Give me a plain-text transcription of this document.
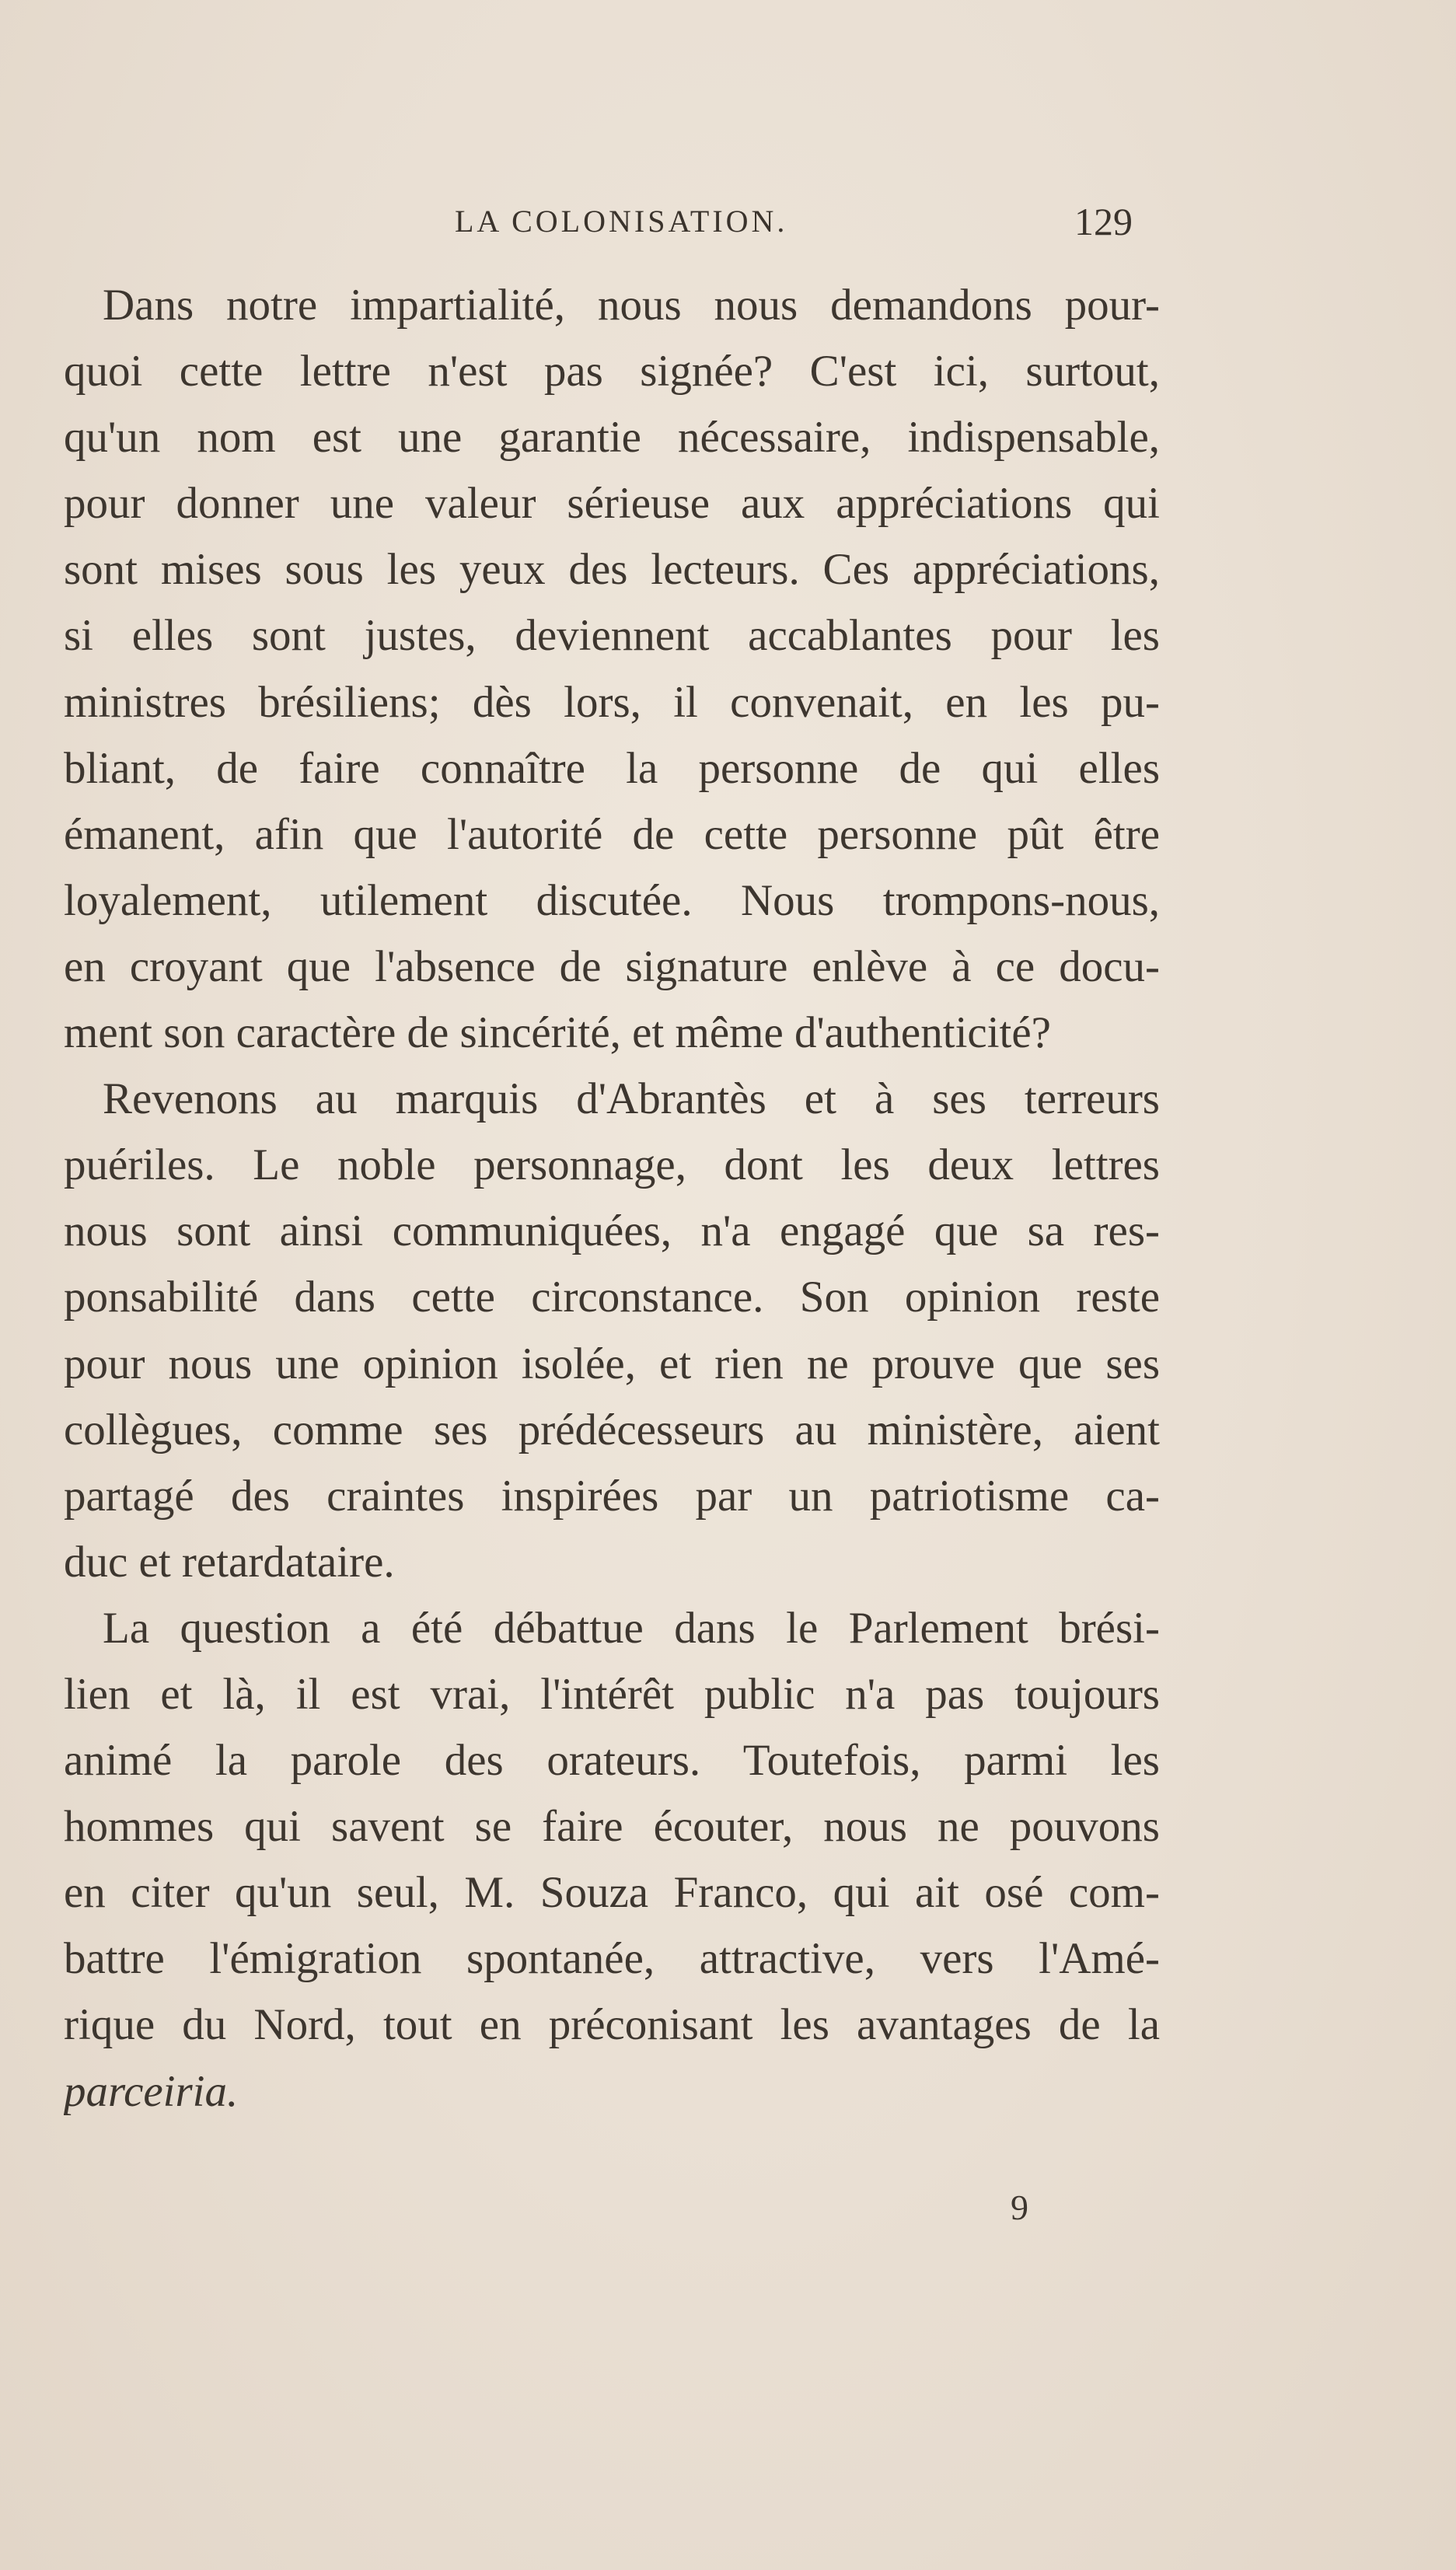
LA COLONISATION.	129
Dans notre impartialité, nous nous demandons pour-
quoi cette lettre n'est pas signée? C'est ici, surtout,
qu'un nom est une garantie nécessaire, indispensable,
pour donner une valeur sérieuse aux appréciations qui
sont mises sous les yeux des lecteurs. Ces appréciations,
si elles sont justes, deviennent accablantes pour les
ministres brésiliens; dès lors, il convenait, en les pu-
bliant, de faire connaître la personne de qui elles
émanent, afin que l'autorité de cette personne pût être
loyalement, utilement discutée. Nous trompons-nous,
en croyant que l'absence de signature enlève à ce docu-
ment son caractère de sincérité, et même d'authenticité?
Revenons au marquis d'Abrantès et à ses terreurs
puériles. Le noble personnage, dont les deux lettres
nous sont ainsi communiquées, n'a engagé que sa res-
ponsabilité dans cette circonstance. Son opinion reste
pour nous une opinion isolée, et rien ne prouve que ses
collègues, comme ses prédécesseurs au ministère, aient
partagé des craintes inspirées par un patriotisme ca-
duc et retardataire.
La question a été débattue dans le Parlement brési-
lien et là, il est vrai, l'intérêt public n'a pas toujours
animé la parole des orateurs. Toutefois, parmi les
hommes qui savent se faire écouter, nous ne pouvons
en citer qu'un seul, M. Souza Franco, qui ait osé com-
battre l'émigration spontanée, attractive, vers l'Amé-
rique du Nord, tout en préconisant les avantages de la
parceiria.
9
